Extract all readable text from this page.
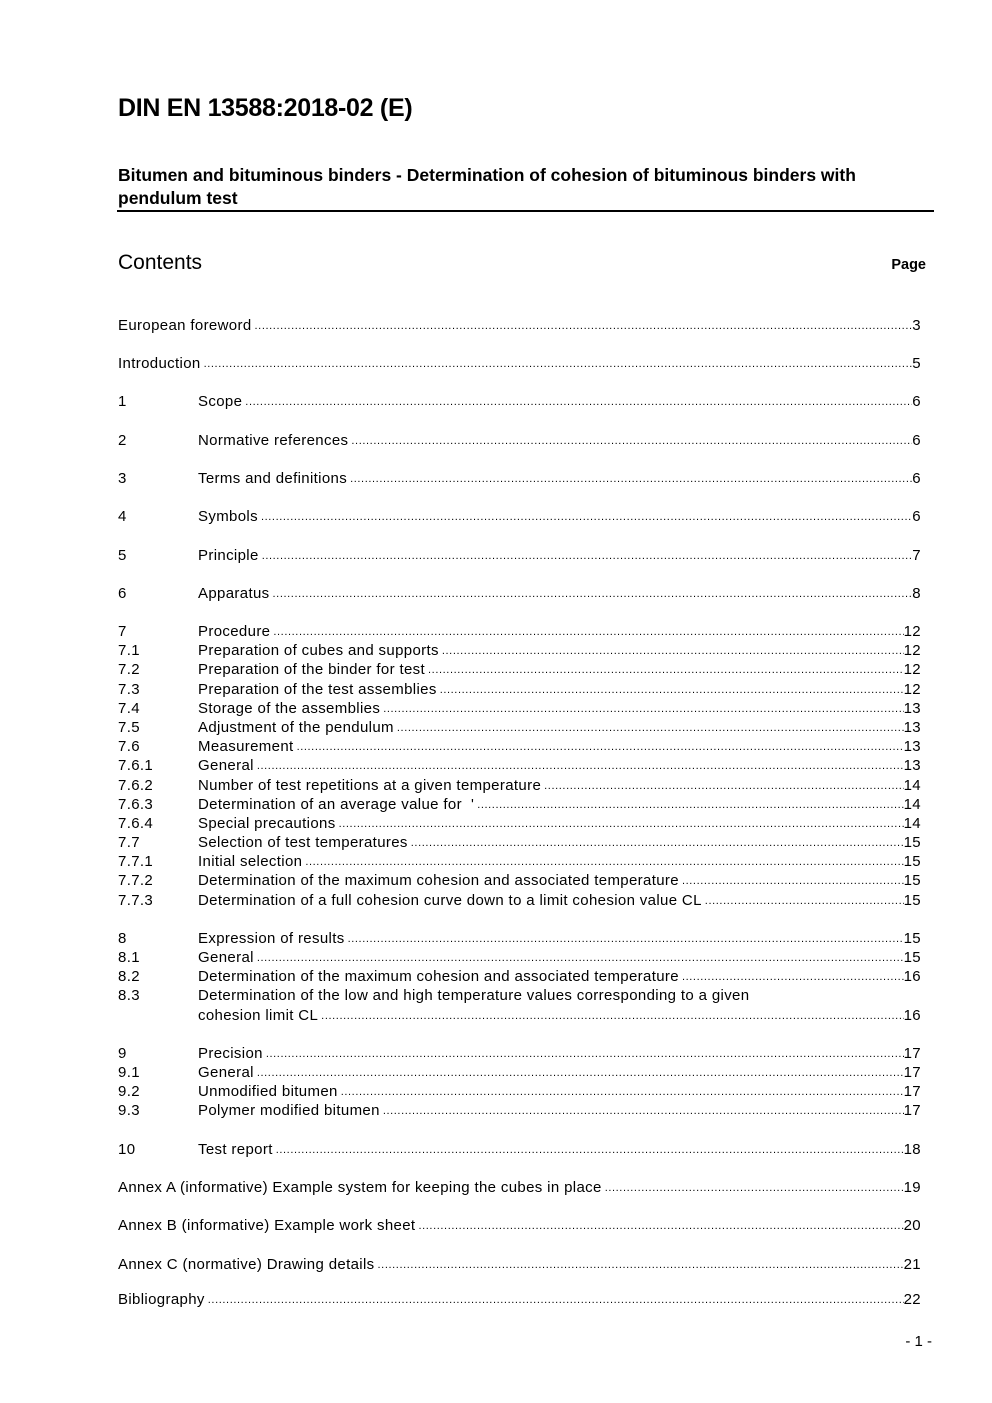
DIN EN 13588:2018-02 (E)
Bitumen and bituminous binders - Determination of cohesion of bituminous binders with pendulum test
Contents	Page
European foreword .....	3
Introduction .....	5
1	Scope .....	6
2	Normative references .....	6
3	Terms and definitions .....	6
4	Symbols .....	6
5	Principle .....	7
6	Apparatus .....	8
7	Procedure .....	12
7.1	Preparation of cubes and supports .....	12
7.2	Preparation of the binder for test .....	12
7.3	Preparation of the test assemblies .....	12
7.4	Storage of the assemblies .....	13
7.5	Adjustment of the pendulum .....	13
7.6	Measurement .....	13
7.6.1	General .....	13
7.6.2	Number of test repetitions at a given temperature .....	14
7.6.3	Determination of an average value for  ' .....	14
7.6.4	Special precautions .....	14
7.7	Selection of test temperatures .....	15
7.7.1	Initial selection .....	15
7.7.2	Determination of the maximum cohesion and associated temperature .....	15
7.7.3	Determination of a full cohesion curve down to a limit cohesion value CL .....	15
8	Expression of results .....	15
8.1	General .....	15
8.2	Determination of the maximum cohesion and associated temperature .....	16
8.3	Determination of the low and high temperature values corresponding to a given
cohesion limit CL .....	16
9	Precision .....	17
9.1	General .....	17
9.2	Unmodified bitumen .....	17
9.3	Polymer modified bitumen .....	17
10	Test report .....	18
Annex A (informative) Example system for keeping the cubes in place .....	19
Annex B (informative) Example work sheet .....	20
Annex C (normative) Drawing details .....	21
Bibliography .....	22
- 1 -
